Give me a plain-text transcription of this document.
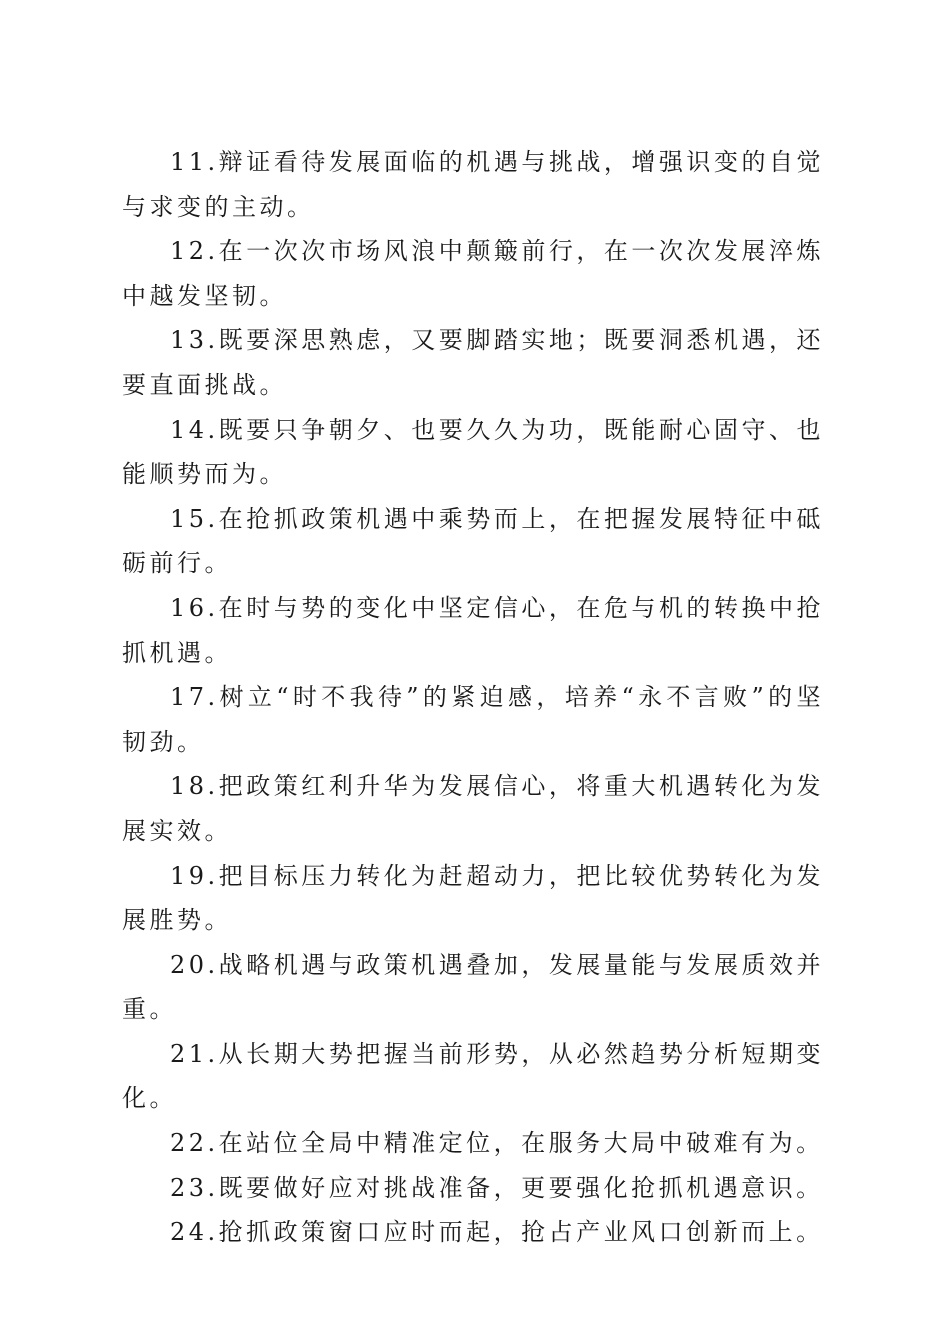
11.辩证看待发展面临的机遇与挑战，增强识变的自觉与求变的主动。

12.在一次次市场风浪中颠簸前行，在一次次发展淬炼中越发坚韧。

13.既要深思熟虑，又要脚踏实地；既要洞悉机遇，还要直面挑战。

14.既要只争朝夕、也要久久为功，既能耐心固守、也能顺势而为。

15.在抢抓政策机遇中乘势而上，在把握发展特征中砥砺前行。

16.在时与势的变化中坚定信心，在危与机的转换中抢抓机遇。

17.树立“时不我待”的紧迫感，培养“永不言败”的坚韧劲。

18.把政策红利升华为发展信心，将重大机遇转化为发展实效。

19.把目标压力转化为赶超动力，把比较优势转化为发展胜势。

20.战略机遇与政策机遇叠加，发展量能与发展质效并重。

21.从长期大势把握当前形势，从必然趋势分析短期变化。

22.在站位全局中精准定位，在服务大局中破难有为。

23.既要做好应对挑战准备，更要强化抢抓机遇意识。

24.抢抓政策窗口应时而起，抢占产业风口创新而上。
